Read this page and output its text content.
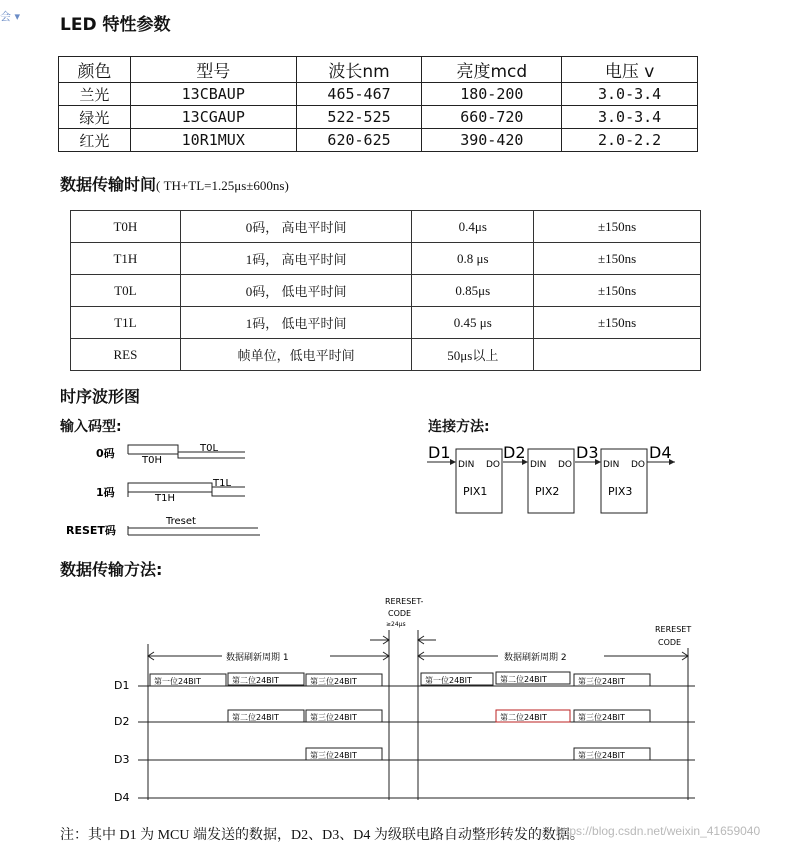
会 ▾ LED 特性参数
颜色	型号	波长nm	亮度mcd	电压 v
兰光	13CBAUP	465-467	180-200	3.0-3.4
绿光	13CGAUP	522-525	660-720	3.0-3.4
红光	10R1MUX	620-625	390-420	2.0-2.2
数据传输时间( TH+TL=1.25μs±600ns)
T0H	0码， 高电平时间	0.4μs	±150ns
T1H	1码， 高电平时间	0.8 μs	±150ns
T0L	0码， 低电平时间	0.85μs	±150ns
T1L	1码， 低电平时间	0.45 μs	±150ns
RES	帧单位，低电平时间	50μs以上	
时序波形图
输入码型:	连接方法:
0码
T0H
T0L
1码	T1H
T1L
RESET码
Treset
D1	D2	D3	D4
DIN DO	DIN DO	DIN DO
PIX1	PIX2	PIX3
数据传输方法:
RERESET-
CODE
≥24μs
RERESET
CODE
数据刷新周期 1	数据刷新周期 2
D1
D2
D3
D4
第一位24BIT	第二位24BIT	第三位24BIT	第一位24BIT	第二位24BIT	第三位24BIT
第二位24BIT	第三位24BIT	第二位24BIT	第三位24BIT
第三位24BIT	第三位24BIT
注：其中 D1 为 MCU 端发送的数据，D2、D3、D4 为级联电路自动整形转发的数据。
https://blog.csdn.net/weixin_41659040
